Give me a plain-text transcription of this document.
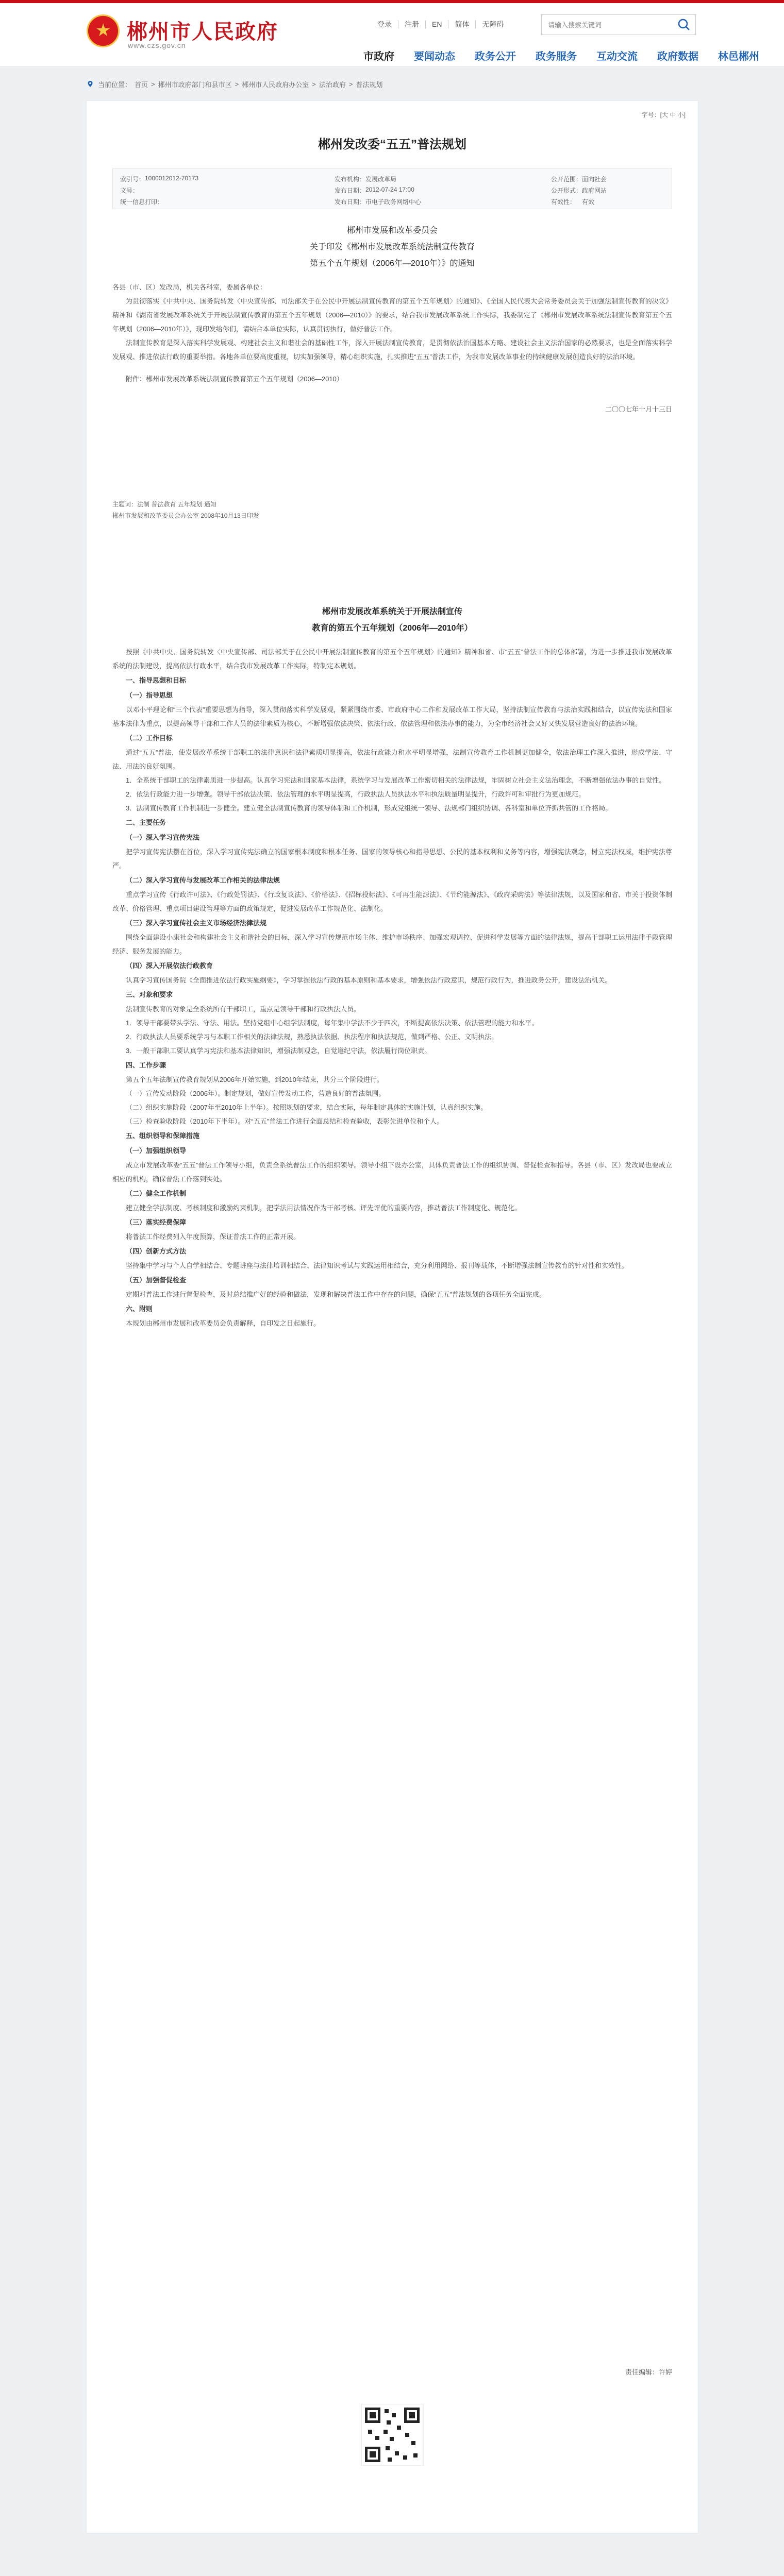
★ 郴州市人民政府
www.czs.gov.cn
登录	注册	EN	简体	无障碍
请输入搜索关键词
市政府 要闻动态 政务公开 政务服务 互动交流 政府数据 林邑郴州
当前位置： 首页 > 郴州市政府部门和县市区 > 郴州市人民政府办公室 > 法治政府 > 普法规划
字号：[大 中 小]
郴州发改委“五五”普法规划
索引号： 1000012012-70173	发布机构： 发展改革局	公开范围： 面向社会
文号：	发布日期： 2012-07-24 17:00	公开形式： 政府网站
统一信息打印：	发布日期： 市电子政务网络中心	有效性： 有效

郴州市发展和改革委员会

关于印发《郴州市发展改革系统法制宣传教育

第五个五年规划（2006年—2010年）》的通知

各县（市、区）发改局，机关各科室，委属各单位：

为贯彻落实《中共中央、国务院转发〈中央宣传部、司法部关于在公民中开展法制宣传教育的第五个五年规划〉的通知》、《全国人民代表大会常务委员会关于加强法制宣传教育的决议》精神和《湖南省发展改革系统关于开展法制宣传教育的第五个五年规划（2006—2010）》的要求，结合我市发展改革系统工作实际，我委制定了《郴州市发展改革系统法制宣传教育第五个五年规划（2006—2010年）》，现印发给你们，请结合本单位实际，认真贯彻执行，做好普法工作。

法制宣传教育是深入落实科学发展观、构建社会主义和谐社会的基础性工作，深入开展法制宣传教育，是贯彻依法治国基本方略、建设社会主义法治国家的必然要求，也是全面落实科学发展观、推进依法行政的重要举措。各地各单位要高度重视，切实加强领导，精心组织实施，扎实推进“五五”普法工作，为我市发展改革事业的持续健康发展创造良好的法治环境。

附件：郴州市发展改革系统法制宣传教育第五个五年规划（2006—2010）

二〇〇七年十月十三日

主题词：法制 普法教育 五年规划 通知

郴州市发展和改革委员会办公室 2008年10月13日印发

郴州市发展改革系统关于开展法制宣传

教育的第五个五年规划（2006年—2010年）

按照《中共中央、国务院转发〈中央宣传部、司法部关于在公民中开展法制宣传教育的第五个五年规划〉的通知》精神和省、市“五五”普法工作的总体部署，为进一步推进我市发展改革系统的法制建设，提高依法行政水平，结合我市发展改革工作实际，特制定本规划。

一、指导思想和目标

（一）指导思想

以邓小平理论和“三个代表”重要思想为指导，深入贯彻落实科学发展观，紧紧围绕市委、市政府中心工作和发展改革工作大局，坚持法制宣传教育与法治实践相结合，以宣传宪法和国家基本法律为重点，以提高领导干部和工作人员的法律素质为核心，不断增强依法决策、依法行政、依法管理和依法办事的能力，为全市经济社会又好又快发展营造良好的法治环境。

（二）工作目标

通过“五五”普法，使发展改革系统干部职工的法律意识和法律素质明显提高，依法行政能力和水平明显增强，法制宣传教育工作机制更加健全，依法治理工作深入推进，形成学法、守法、用法的良好氛围。

1．全系统干部职工的法律素质进一步提高。认真学习宪法和国家基本法律，系统学习与发展改革工作密切相关的法律法规，牢固树立社会主义法治理念，不断增强依法办事的自觉性。

2．依法行政能力进一步增强。领导干部依法决策、依法管理的水平明显提高，行政执法人员执法水平和执法质量明显提升，行政许可和审批行为更加规范。

3．法制宣传教育工作机制进一步健全。建立健全法制宣传教育的领导体制和工作机制，形成党组统一领导、法规部门组织协调、各科室和单位齐抓共管的工作格局。

二、主要任务

（一）深入学习宣传宪法

把学习宣传宪法摆在首位，深入学习宣传宪法确立的国家根本制度和根本任务、国家的领导核心和指导思想、公民的基本权利和义务等内容，增强宪法观念，树立宪法权威，维护宪法尊严。

（二）深入学习宣传与发展改革工作相关的法律法规

重点学习宣传《行政许可法》、《行政处罚法》、《行政复议法》、《价格法》、《招标投标法》、《可再生能源法》、《节约能源法》、《政府采购法》等法律法规，以及国家和省、市关于投资体制改革、价格管理、重点项目建设管理等方面的政策规定，促进发展改革工作规范化、法制化。

（三）深入学习宣传社会主义市场经济法律法规

围绕全面建设小康社会和构建社会主义和谐社会的目标，深入学习宣传规范市场主体、维护市场秩序、加强宏观调控、促进科学发展等方面的法律法规，提高干部职工运用法律手段管理经济、服务发展的能力。

（四）深入开展依法行政教育

认真学习宣传国务院《全面推进依法行政实施纲要》，学习掌握依法行政的基本原则和基本要求，增强依法行政意识，规范行政行为，推进政务公开，建设法治机关。

三、对象和要求

法制宣传教育的对象是全系统所有干部职工，重点是领导干部和行政执法人员。

1．领导干部要带头学法、守法、用法。坚持党组中心组学法制度，每年集中学法不少于四次，不断提高依法决策、依法管理的能力和水平。

2．行政执法人员要系统学习与本职工作相关的法律法规，熟悉执法依据、执法程序和执法规范，做到严格、公正、文明执法。

3．一般干部职工要认真学习宪法和基本法律知识，增强法制观念，自觉遵纪守法，依法履行岗位职责。

四、工作步骤

第五个五年法制宣传教育规划从2006年开始实施，到2010年结束，共分三个阶段进行。

（一）宣传发动阶段（2006年）。制定规划，做好宣传发动工作，营造良好的普法氛围。

（二）组织实施阶段（2007年至2010年上半年）。按照规划的要求，结合实际，每年制定具体的实施计划，认真组织实施。

（三）检查验收阶段（2010年下半年）。对“五五”普法工作进行全面总结和检查验收，表彰先进单位和个人。

五、组织领导和保障措施

（一）加强组织领导

成立市发展改革委“五五”普法工作领导小组，负责全系统普法工作的组织领导。领导小组下设办公室，具体负责普法工作的组织协调、督促检查和指导。各县（市、区）发改局也要成立相应的机构，确保普法工作落到实处。

（二）健全工作机制

建立健全学法制度、考核制度和激励约束机制，把学法用法情况作为干部考核、评先评优的重要内容，推动普法工作制度化、规范化。

（三）落实经费保障

将普法工作经费列入年度预算，保证普法工作的正常开展。

（四）创新方式方法

坚持集中学习与个人自学相结合、专题讲座与法律培训相结合、法律知识考试与实践运用相结合，充分利用网络、报刊等载体，不断增强法制宣传教育的针对性和实效性。

（五）加强督促检查

定期对普法工作进行督促检查，及时总结推广好的经验和做法，发现和解决普法工作中存在的问题，确保“五五”普法规划的各项任务全面完成。

六、附则

本规划由郴州市发展和改革委员会负责解释，自印发之日起施行。

责任编辑：许婷
